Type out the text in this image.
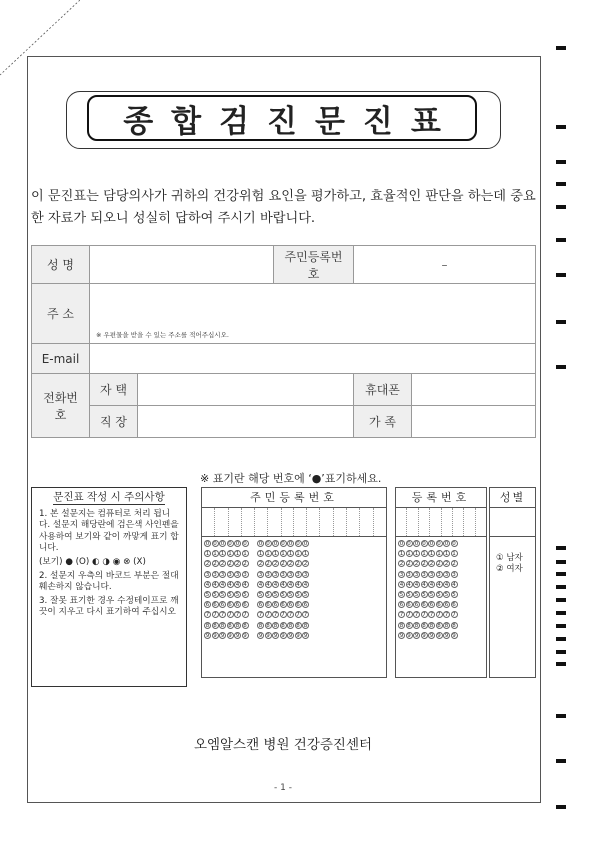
종합검진문진표
이 문진표는 담당의사가 귀하의 건강위험 요인을 평가하고, 효율적인 판단을 하는데 중요한 자료가 되오니 성실히 답하여 주시기 바랍니다.
성 명			주민등록번호	–	
주 소	※ 우편물을 받을 수 있는 주소를 적어주십시오.				
E-mail					
전화번호	자 택			휴대폰	
	직 장			가 족	
※ 표기란 해당 번호에 ‘●’표기하세요.
문진표 작성 시 주의사항
1. 본 설문지는 컴퓨터로 처리 됩니다. 설문지 해당란에 검은색 사인펜을 사용하여 보기와 같이 까맣게 표기 합니다.
(보기) ● (O) ◐ ◑ ◉ ⊗ (X)
2. 설문지 우측의 바코드 부분은 절대 훼손하지 않습니다.
3. 잘못 표기한 경우 수정테이프로 깨끗이 지우고 다시 표기하여 주십시오
주민등록번호
0
1
2
3
4
5
6
7
8
9
0
1
2
3
4
5
6
7
8
9
0
1
2
3
4
5
6
7
8
9
0
1
2
3
4
5
6
7
8
9
0
1
2
3
4
5
6
7
8
9
0
1
2
3
4
5
6
7
8
9
0
1
2
3
4
5
6
7
8
9
0
1
2
3
4
5
6
7
8
9
0
1
2
3
4
5
6
7
8
9
0
1
2
3
4
5
6
7
8
9
0
1
2
3
4
5
6
7
8
9
0
1
2
3
4
5
6
7
8
9
0
1
2
3
4
5
6
7
8
9
등록번호
0
1
2
3
4
5
6
7
8
9
0
1
2
3
4
5
6
7
8
9
0
1
2
3
4
5
6
7
8
9
0
1
2
3
4
5
6
7
8
9
0
1
2
3
4
5
6
7
8
9
0
1
2
3
4
5
6
7
8
9
0
1
2
3
4
5
6
7
8
9
0
1
2
3
4
5
6
7
8
9
성별
① 남자
② 여자
오엠알스캔 병원 건강증진센터
- 1 -
